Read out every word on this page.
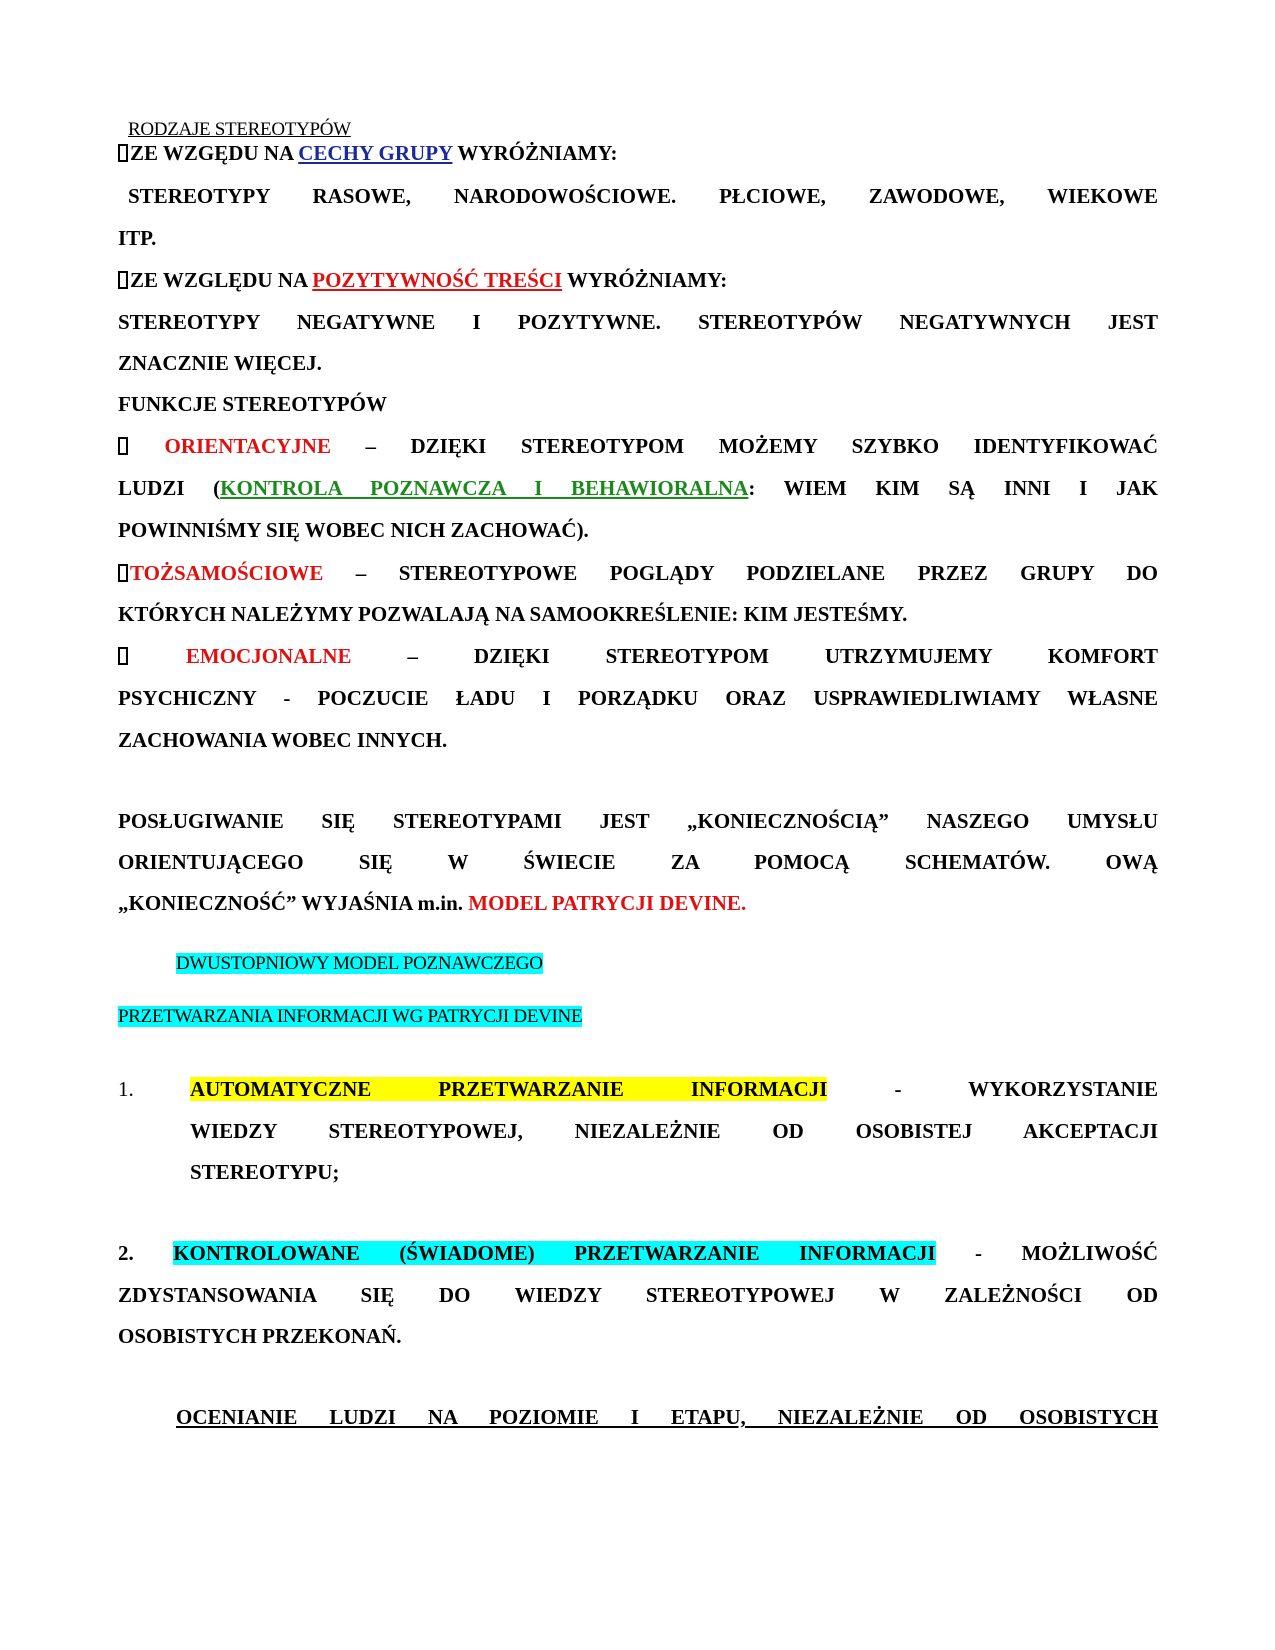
RODZAJE STEREOTYPÓW
ZE WZGĘDU NA CECHY GRUPY WYRÓŻNIAMY:
STEREOTYPY RASOWE, NARODOWOŚCIOWE. PŁCIOWE, ZAWODOWE, WIEKOWE
ITP.
ZE WZGLĘDU NA POZYTYWNOŚĆ TREŚCI WYRÓŻNIAMY:
STEREOTYPY NEGATYWNE I POZYTYWNE. STEREOTYPÓW NEGATYWNYCH JEST
ZNACZNIE WIĘCEJ.
FUNKCJE STEREOTYPÓW
ORIENTACYJNE – DZIĘKI STEREOTYPOM MOŻEMY SZYBKO IDENTYFIKOWAĆ
LUDZI (KONTROLA POZNAWCZA I BEHAWIORALNA: WIEM KIM SĄ INNI I JAK
POWINNIŚMY SIĘ WOBEC NICH ZACHOWAĆ).
TOŻSAMOŚCIOWE – STEREOTYPOWE POGLĄDY PODZIELANE PRZEZ GRUPY DO
KTÓRYCH NALEŻYMY POZWALAJĄ NA SAMOOKREŚLENIE: KIM JESTEŚMY.
EMOCJONALNE – DZIĘKI STEREOTYPOM UTRZYMUJEMY KOMFORT
PSYCHICZNY - POCZUCIE ŁADU I PORZĄDKU ORAZ USPRAWIEDLIWIAMY WŁASNE
ZACHOWANIA WOBEC INNYCH.
POSŁUGIWANIE SIĘ STEREOTYPAMI JEST „KONIECZNOŚCIĄ” NASZEGO UMYSŁU
ORIENTUJĄCEGO SIĘ W ŚWIECIE ZA POMOCĄ SCHEMATÓW. OWĄ
„KONIECZNOŚĆ” WYJAŚNIA m.in. MODEL PATRYCJI DEVINE.
DWUSTOPNIOWY MODEL POZNAWCZEGO
PRZETWARZANIA INFORMACJI WG PATRYCJI DEVINE
1.	AUTOMATYCZNE PRZETWARZANIE INFORMACJI - WYKORZYSTANIE
WIEDZY STEREOTYPOWEJ, NIEZALEŻNIE OD OSOBISTEJ AKCEPTACJI
STEREOTYPU;
2. KONTROLOWANE (ŚWIADOME) PRZETWARZANIE INFORMACJI - MOŻLIWOŚĆ
ZDYSTANSOWANIA SIĘ DO WIEDZY STEREOTYPOWEJ W ZALEŻNOŚCI OD
OSOBISTYCH PRZEKONAŃ.
OCENIANIE LUDZI NA POZIOMIE I ETAPU, NIEZALEŻNIE OD OSOBISTYCH
